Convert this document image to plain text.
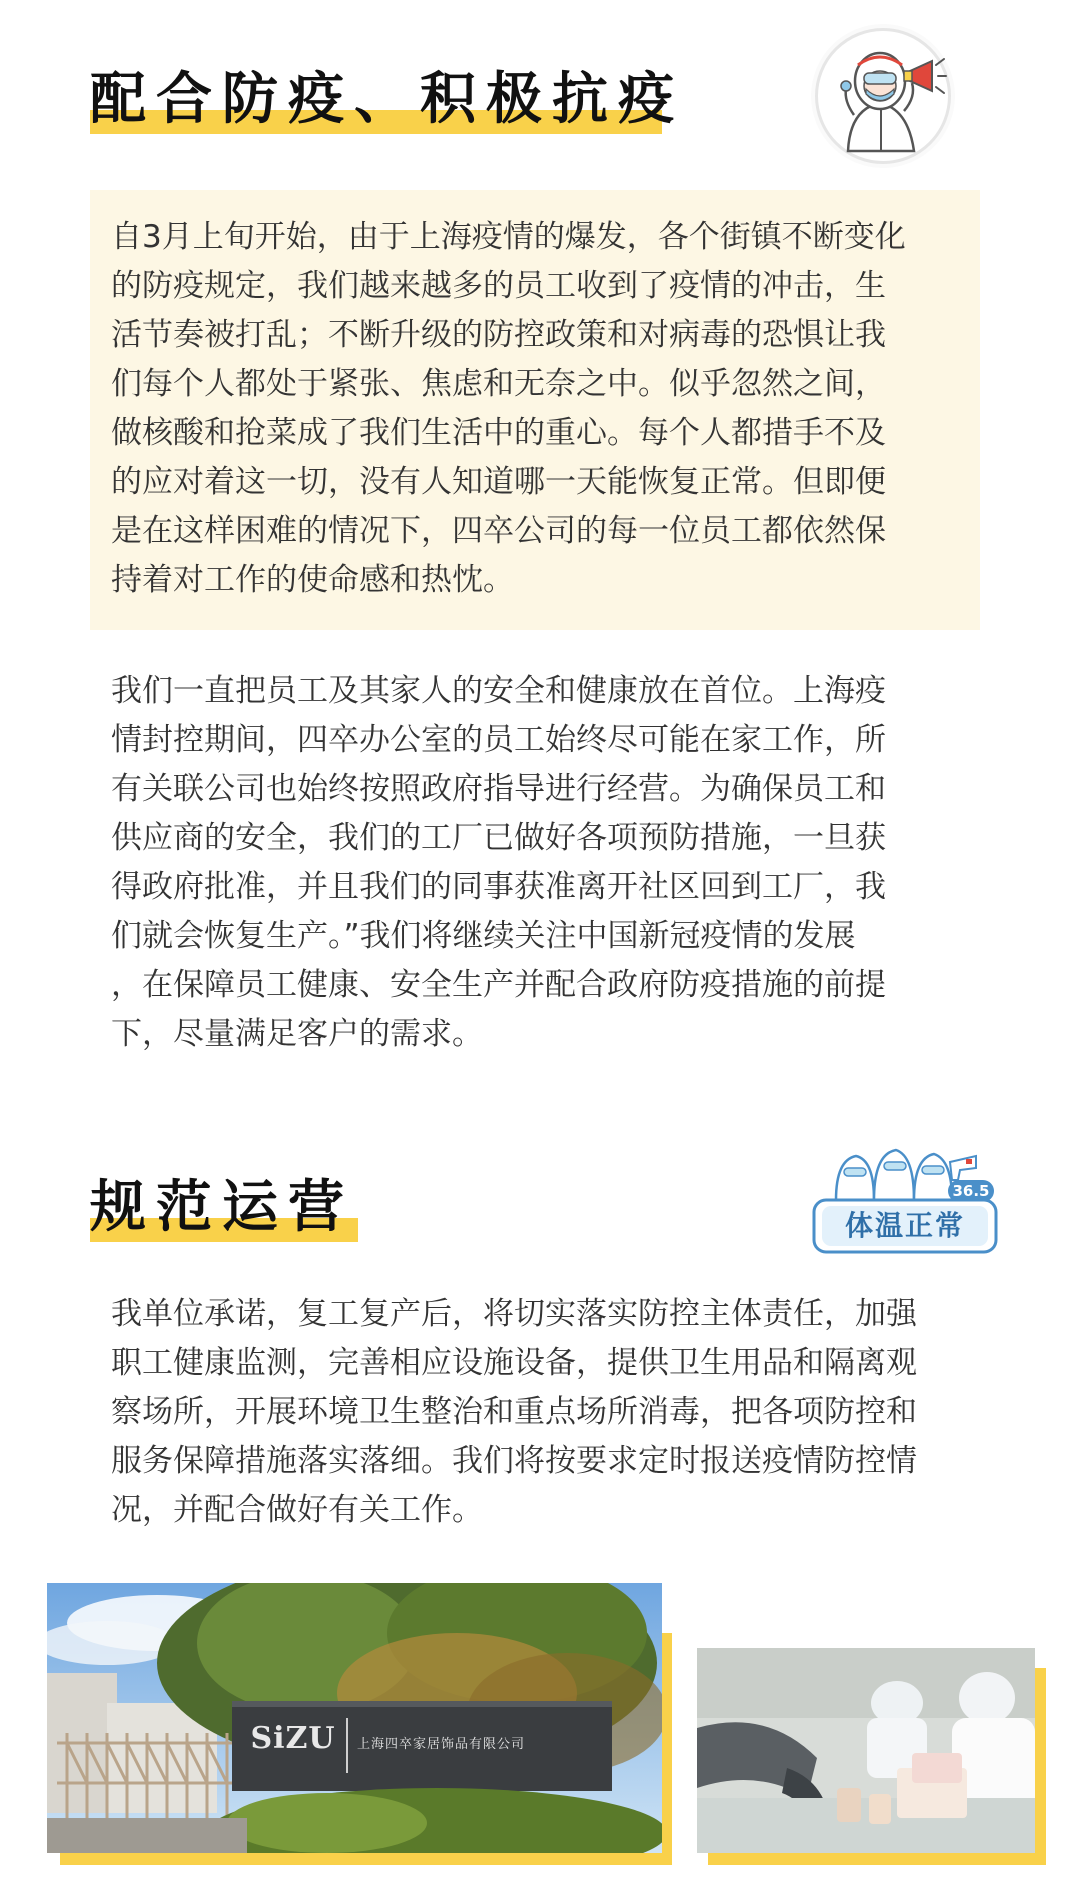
配合防疫、积极抗疫
自3月上旬开始，由于上海疫情的爆发，各个街镇不断变化
的防疫规定，我们越来越多的员工收到了疫情的冲击，生
活节奏被打乱；不断升级的防控政策和对病毒的恐惧让我
们每个人都处于紧张、焦虑和无奈之中。似乎忽然之间，
做核酸和抢菜成了我们生活中的重心。每个人都措手不及
的应对着这一切，没有人知道哪一天能恢复正常。但即便
是在这样困难的情况下，四卒公司的每一位员工都依然保
持着对工作的使命感和热忱。
我们一直把员工及其家人的安全和健康放在首位。上海疫
情封控期间，四卒办公室的员工始终尽可能在家工作，所
有关联公司也始终按照政府指导进行经营。为确保员工和
供应商的安全，我们的工厂已做好各项预防措施，一旦获
得政府批准，并且我们的同事获准离开社区回到工厂，我
们就会恢复生产。”我们将继续关注中国新冠疫情的发展
，在保障员工健康、安全生产并配合政府防疫措施的前提
下，尽量满足客户的需求。
规范运营	36.5
体温正常
我单位承诺，复工复产后，将切实落实防控主体责任，加强
职工健康监测，完善相应设施设备，提供卫生用品和隔离观
察场所，开展环境卫生整治和重点场所消毒，把各项防控和
服务保障措施落实落细。我们将按要求定时报送疫情防控情
况，并配合做好有关工作。
SiZU	上海四卒家居饰品有限公司
